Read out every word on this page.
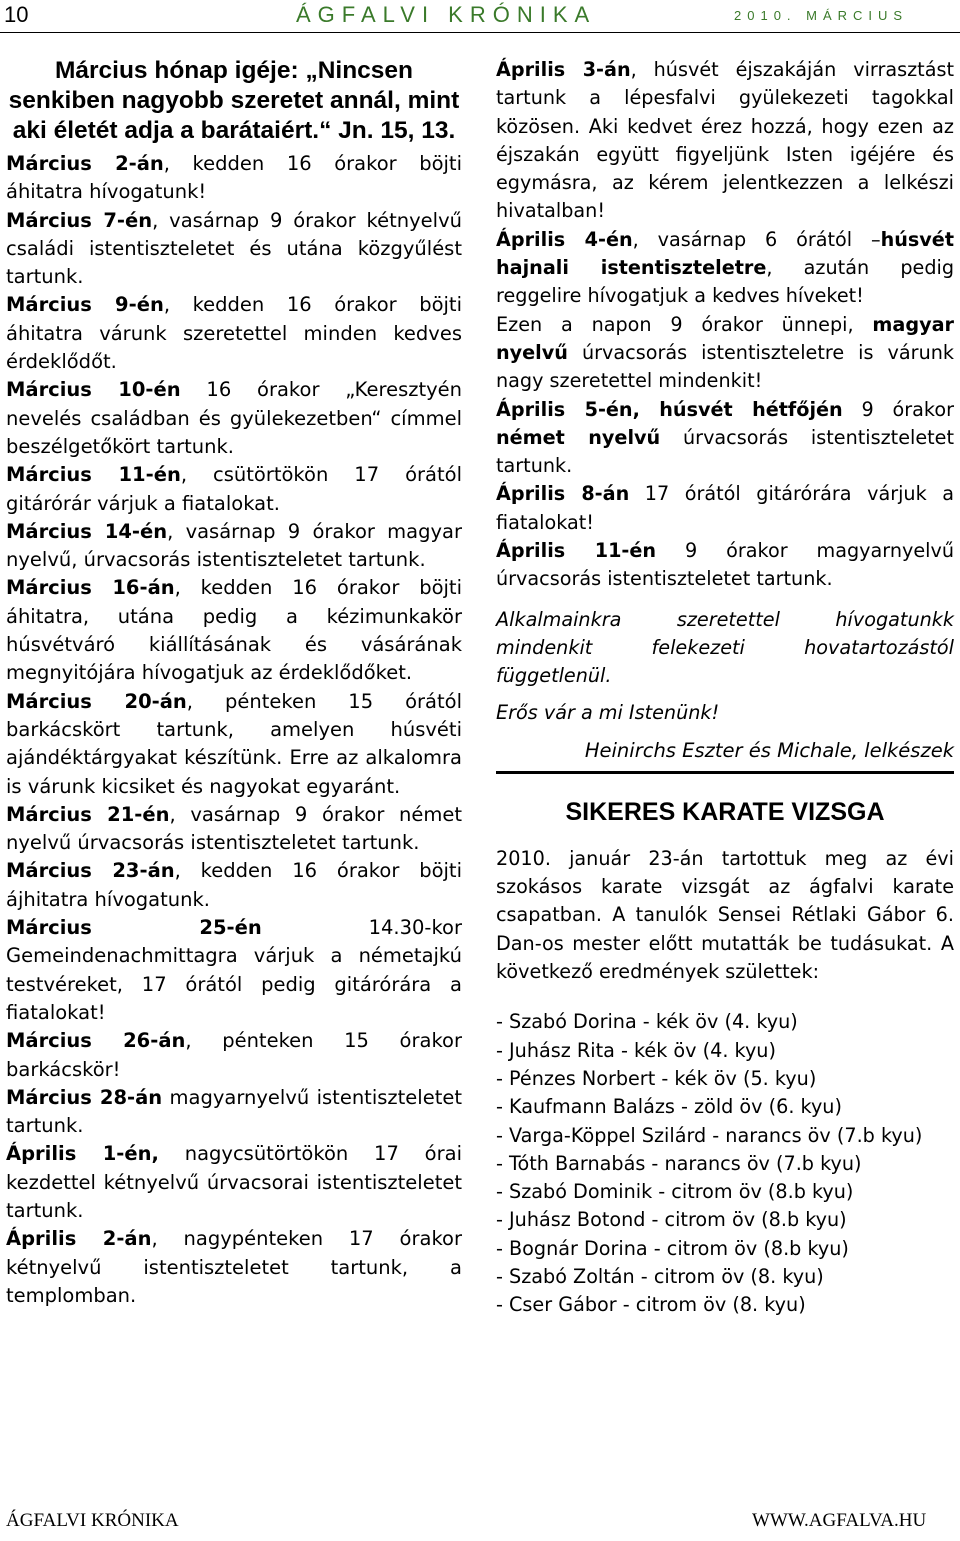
10	ÁGFALVI KRÓNIKA	2010. MÁRCIUS
Március hónap igéje: „Nincsen senkiben nagyobb szeretet annál, mint aki életét adja a barátaiért.“ Jn. 15, 13.

Március 2-án, kedden 16 órakor böjti áhitatra hívogatunk!

Március 7-én, vasárnap 9 órakor kétnyelvű családi istentiszteletet és utána közgyűlést tartunk.

Március 9-én, kedden 16 órakor böjti áhitatra várunk szeretettel minden kedves érdeklődőt.

Március 10-én 16 órakor „Keresztyén nevelés családban és gyülekezetben“ címmel beszélgetőkört tartunk.

Március 11-én, csütörtökön 17 órától gitárórár várjuk a fiatalokat.

Március 14-én, vasárnap 9 órakor magyar nyelvű, úrvacsorás istentiszteletet tartunk.

Március 16-án, kedden 16 órakor böjti áhitatra, utána pedig a kézimunkakör húsvétváró kiállításának és vásárának megnyitójára hívogatjuk az érdeklődőket.

Március 20-án, pénteken 15 órától barkácskört tartunk, amelyen húsvéti ajándéktárgyakat készítünk. Erre az alkalomra is várunk kicsiket és nagyokat egyaránt.

Március 21-én, vasárnap 9 órakor német nyelvű úrvacsorás istentiszteletet tartunk.

Március 23-án, kedden 16 órakor böjti ájhitatra hívogatunk.

Március 25-én 14.30-kor Gemeindenachmittagra várjuk a németajkú testvéreket, 17 órától pedig gitárórára a fiatalokat!

Március 26-án, pénteken 15 órakor barkácskör!

Március 28-án magyarnyelvű istentiszteletet tartunk.

Április 1-én, nagycsütörtökön 17 órai kezdettel kétnyelvű úrvacsorai istentiszteletet tartunk.

Április 2-án, nagypénteken 17 órakor kétnyelvű istentiszteletet tartunk, a templomban.

Április 3-án, húsvét éjszakáján virrasztást tartunk a lépesfalvi gyülekezeti tagokkal közösen. Aki kedvet érez hozzá, hogy ezen az éjszakán együtt figyeljünk Isten igéjére és egymásra, az kérem jelentkezzen a lelkészi hivatalban!

Április 4-én, vasárnap 6 órától –húsvét hajnali istentiszteletre, azután pedig reggelire hívogatjuk a kedves híveket!

Ezen a napon 9 órakor ünnepi, magyar nyelvű úrvacsorás istentiszteletre is várunk nagy szeretettel mindenkit!

Április 5-én, húsvét hétfőjén 9 órakor német nyelvű úrvacsorás istentiszteletet tartunk.

Április 8-án 17 órától gitárórára várjuk a fiatalokat!

Április 11-én 9 órakor magyarnyelvű úrvacsorás istentiszteletet tartunk.

Alkalmainkra szeretettel hívogatunkk mindenkit felekezeti hovatartozástól függetlenül.

Erős vár a mi Istenünk!

Heinirchs Eszter és Michale, lelkészek
SIKERES KARATE VIZSGA

2010. január 23-án tartottuk meg az évi szokásos karate vizsgát az ágfalvi karate csapatban. A tanulók Sensei Rétlaki Gábor 6. Dan-os mester előtt mutatták be tudásukat. A következő eredmények születtek:

- Szabó Dorina - kék öv (4. kyu)

- Juhász Rita - kék öv (4. kyu)

- Pénzes Norbert - kék öv (5. kyu)

- Kaufmann Balázs - zöld öv (6. kyu)

- Varga-Köppel Szilárd - narancs öv (7.b kyu)

- Tóth Barnabás - narancs öv (7.b kyu)

- Szabó Dominik - citrom öv (8.b kyu)

- Juhász Botond - citrom öv (8.b kyu)

- Bognár Dorina - citrom öv (8.b kyu)

- Szabó Zoltán - citrom öv (8. kyu)

- Cser Gábor - citrom öv (8. kyu)

ÁGFALVI KRÓNIKA	WWW.AGFALVA.HU
